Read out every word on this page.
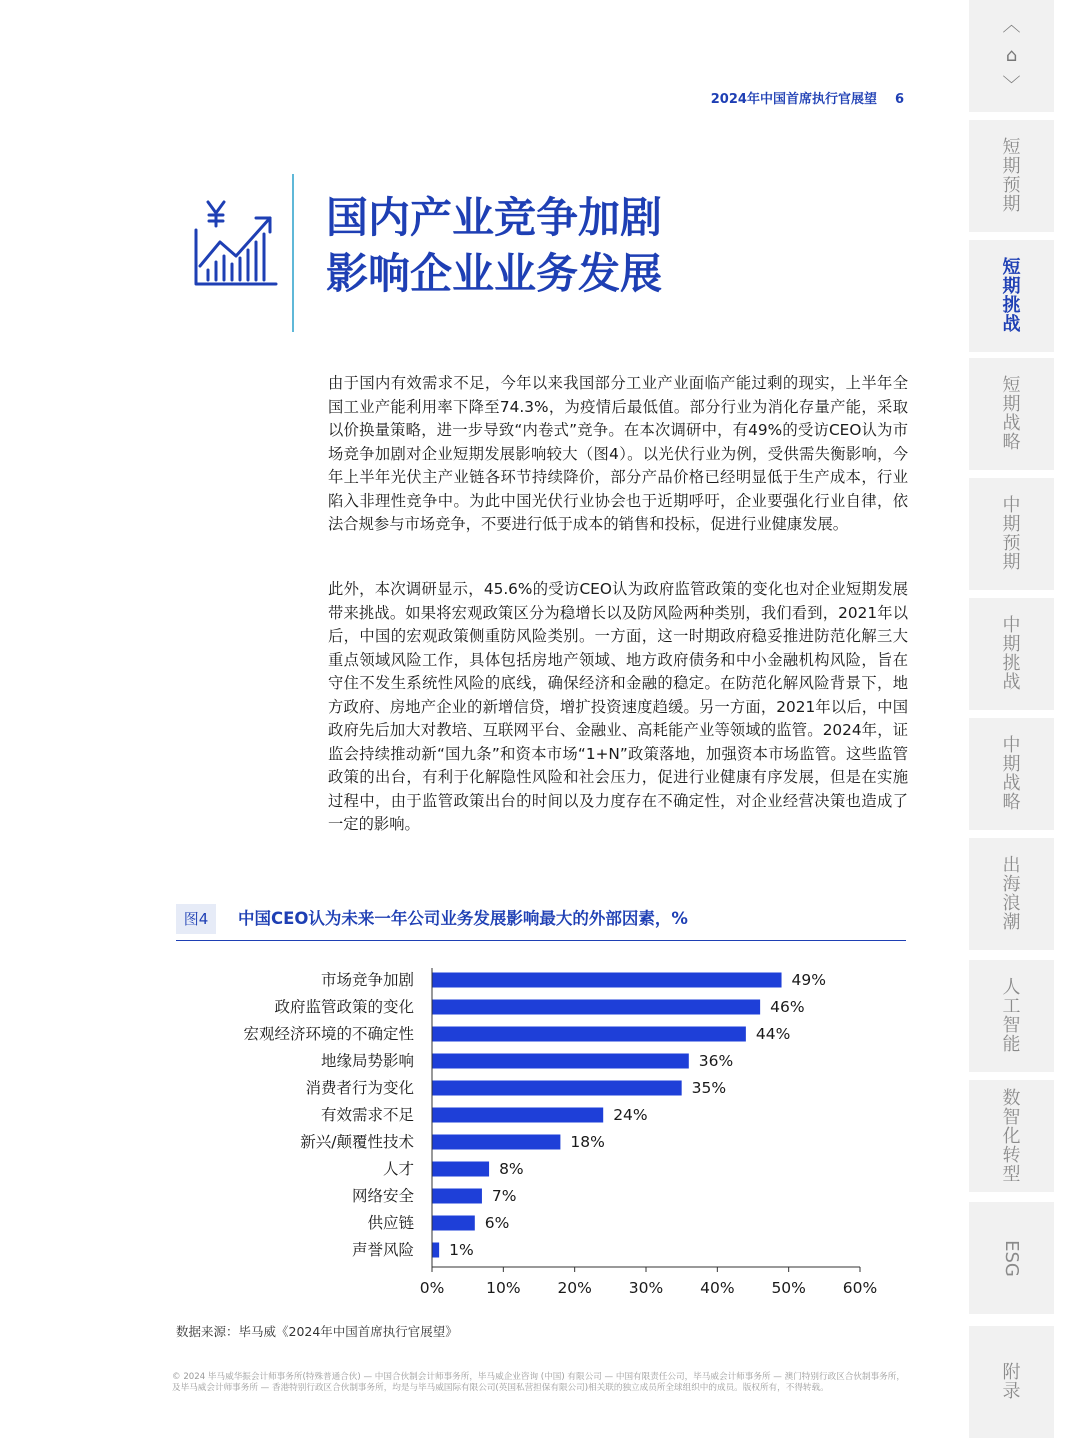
2024年中国首席执行官展望 6
国内产业竞争加剧
影响企业业务发展

由于国内有效需求不足，今年以来我国部分工业产业面临产能过剩的现实，上半年全国工业产能利用率下降至74.3%，为疫情后最低值。部分行业为消化存量产能，采取以价换量策略，进一步导致“内卷式”竞争。在本次调研中，有49%的受访CEO认为市场竞争加剧对企业短期发展影响较大（图4）。以光伏行业为例，受供需失衡影响，今年上半年光伏主产业链各环节持续降价，部分产品价格已经明显低于生产成本，行业陷入非理性竞争中。为此中国光伏行业协会也于近期呼吁，企业要强化行业自律，依法合规参与市场竞争，不要进行低于成本的销售和投标，促进行业健康发展。

此外，本次调研显示，45.6%的受访CEO认为政府监管政策的变化也对企业短期发展带来挑战。如果将宏观政策区分为稳增长以及防风险两种类别，我们看到，2021年以后，中国的宏观政策侧重防风险类别。一方面，这一时期政府稳妥推进防范化解三大重点领域风险工作，具体包括房地产领域、地方政府债务和中小金融机构风险，旨在守住不发生系统性风险的底线，确保经济和金融的稳定。在防范化解风险背景下，地方政府、房地产企业的新增信贷，增扩投资速度趋缓。另一方面，2021年以后，中国政府先后加大对教培、互联网平台、金融业、高耗能产业等领域的监管。2024年，证监会持续推动新“国九条”和资本市场“1+N”政策落地，加强资本市场监管。这些监管政策的出台，有利于化解隐性风险和社会压力，促进行业健康有序发展，但是在实施过程中，由于监管政策出台的时间以及力度存在不确定性，对企业经营决策也造成了一定的影响。

图4	中国CEO认为未来一年公司业务发展影响最大的外部因素，%
市场竞争加剧	49%
政府监管政策的变化	46%
宏观经济环境的不确定性	44%
地缘局势影响	36%
消费者行为变化	35%
有效需求不足	24%
新兴/颠覆性技术	18%
人才	8%
网络安全	7%
供应链	6%
声誉风险 1%
0%	10% 20% 30% 40% 50% 60%
数据来源：毕马威《2024年中国首席执行官展望》
© 2024 毕马威华振会计师事务所(特殊普通合伙) — 中国合伙制会计师事务所，毕马威企业咨询 (中国) 有限公司 — 中国有限责任公司，毕马威会计师事务所 — 澳门特别行政区合伙制事务所，及毕马威会计师事务所 — 香港特别行政区合伙制事务所，均是与毕马威国际有限公司(英国私营担保有限公司)相关联的独立成员所全球组织中的成员。版权所有，不得转载。
︿
⌂
﹀
短期预期
短期挑战
短期战略
中期预期
中期挑战
中期战略
出海浪潮
人工智能
数智化转型
ESG
附录
